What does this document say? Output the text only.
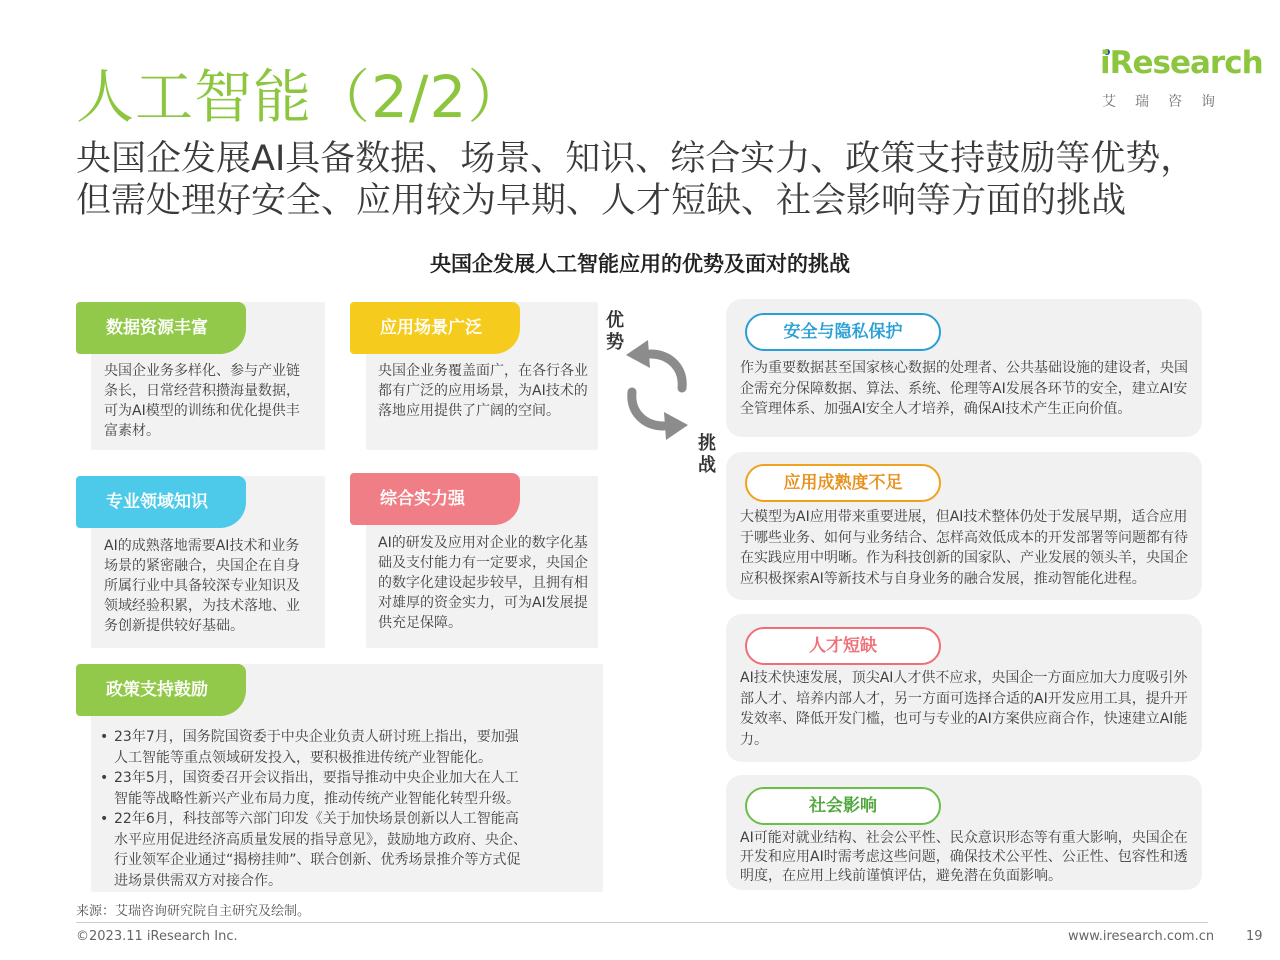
人工智能（2/2）
央国企发展AI具备数据、场景、知识、综合实力、政策支持鼓励等优势，
但需处理好安全、应用较为早期、人才短缺、社会影响等方面的挑战
iResearch
艾瑞咨询
央国企发展人工智能应用的优势及面对的挑战
数据资源丰富
央国企业务多样化、参与产业链条长，日常经营积攒海量数据，可为AI模型的训练和优化提供丰富素材。
应用场景广泛
央国企业务覆盖面广，在各行各业都有广泛的应用场景，为AI技术的落地应用提供了广阔的空间。
专业领域知识
AI的成熟落地需要AI技术和业务场景的紧密融合，央国企在自身所属行业中具备较深专业知识及领域经验积累，为技术落地、业务创新提供较好基础。
综合实力强
AI的研发及应用对企业的数字化基础及支付能力有一定要求，央国企的数字化建设起步较早，且拥有相对雄厚的资金实力，可为AI发展提供充足保障。
政策支持鼓励
• 23年7月，国务院国资委于中央企业负责人研讨班上指出，要加强人工智能等重点领域研发投入，要积极推进传统产业智能化。
• 23年5月，国资委召开会议指出，要指导推动中央企业加大在人工智能等战略性新兴产业布局力度，推动传统产业智能化转型升级。
• 22年6月，科技部等六部门印发《关于加快场景创新以人工智能高水平应用促进经济高质量发展的指导意见》，鼓励地方政府、央企、行业领军企业通过“揭榜挂帅”、联合创新、优秀场景推介等方式促进场景供需双方对接合作。
优势
挑战
安全与隐私保护
作为重要数据甚至国家核心数据的处理者、公共基础设施的建设者，央国企需充分保障数据、算法、系统、伦理等AI发展各环节的安全，建立AI安全管理体系、加强AI安全人才培养，确保AI技术产生正向价值。
应用成熟度不足
大模型为AI应用带来重要进展，但AI技术整体仍处于发展早期，适合应用于哪些业务、如何与业务结合、怎样高效低成本的开发部署等问题都有待在实践应用中明晰。作为科技创新的国家队、产业发展的领头羊，央国企应积极探索AI等新技术与自身业务的融合发展，推动智能化进程。
人才短缺
AI技术快速发展，顶尖AI人才供不应求，央国企一方面应加大力度吸引外部人才、培养内部人才，另一方面可选择合适的AI开发应用工具，提升开发效率、降低开发门槛，也可与专业的AI方案供应商合作，快速建立AI能力。
社会影响
AI可能对就业结构、社会公平性、民众意识形态等有重大影响，央国企在开发和应用AI时需考虑这些问题，确保技术公平性、公正性、包容性和透明度，在应用上线前谨慎评估，避免潜在负面影响。
来源：艾瑞咨询研究院自主研究及绘制。
©2023.11 iResearch Inc.	www.iresearch.com.cn 19
